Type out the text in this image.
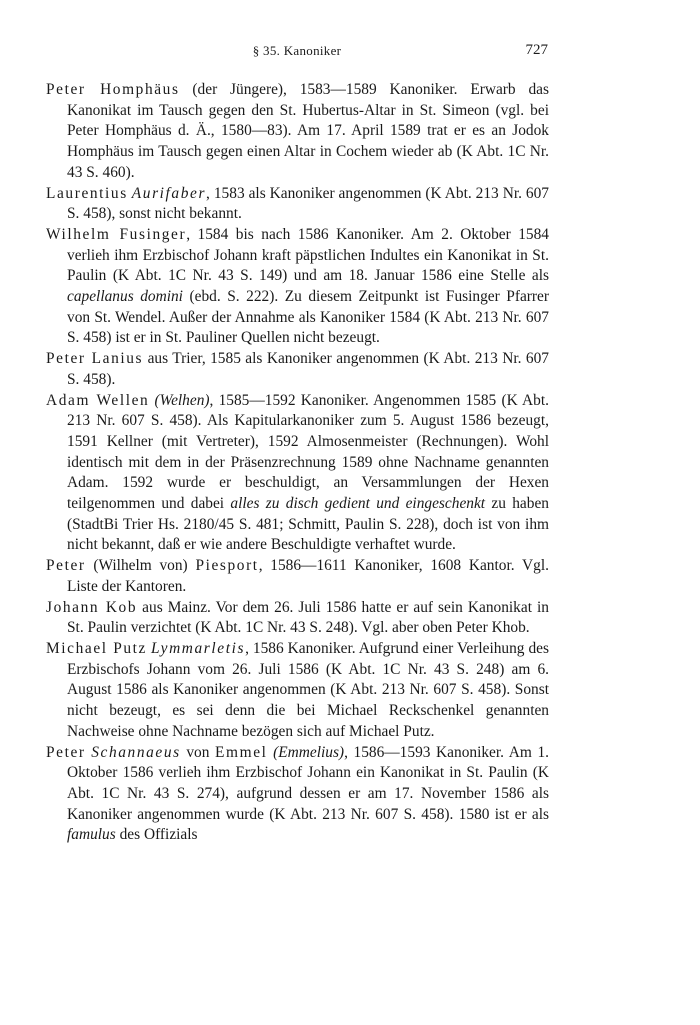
§ 35. Kanoniker	727

Peter Homphäus (der Jüngere), 1583—1589 Kanoniker. Erwarb das Kanonikat im Tausch gegen den St. Hubertus-Altar in St. Simeon (vgl. bei Peter Homphäus d. Ä., 1580—83). Am 17. April 1589 trat er es an Jodok Homphäus im Tausch gegen einen Altar in Cochem wieder ab (K Abt. 1C Nr. 43 S. 460).

Laurentius Aurifaber, 1583 als Kanoniker angenommen (K Abt. 213 Nr. 607 S. 458), sonst nicht bekannt.

Wilhelm Fusinger, 1584 bis nach 1586 Kanoniker. Am 2. Oktober 1584 verlieh ihm Erzbischof Johann kraft päpstlichen Indultes ein Kanonikat in St. Paulin (K Abt. 1C Nr. 43 S. 149) und am 18. Januar 1586 eine Stelle als capellanus domini (ebd. S. 222). Zu diesem Zeitpunkt ist Fusinger Pfarrer von St. Wendel. Außer der Annahme als Kanoniker 1584 (K Abt. 213 Nr. 607 S. 458) ist er in St. Pauliner Quellen nicht bezeugt.

Peter Lanius aus Trier, 1585 als Kanoniker angenommen (K Abt. 213 Nr. 607 S. 458).

Adam Wellen (Welhen), 1585—1592 Kanoniker. Angenommen 1585 (K Abt. 213 Nr. 607 S. 458). Als Kapitularkanoniker zum 5. August 1586 bezeugt, 1591 Kellner (mit Vertreter), 1592 Almosenmeister (Rechnungen). Wohl identisch mit dem in der Präsenzrechnung 1589 ohne Nachname genannten Adam. 1592 wurde er beschuldigt, an Versammlungen der Hexen teilgenommen und dabei alles zu disch gedient und eingeschenkt zu haben (StadtBi Trier Hs. 2180/45 S. 481; Schmitt, Paulin S. 228), doch ist von ihm nicht bekannt, daß er wie andere Beschuldigte verhaftet wurde.

Peter (Wilhelm von) Piesport, 1586—1611 Kanoniker, 1608 Kantor. Vgl. Liste der Kantoren.

Johann Kob aus Mainz. Vor dem 26. Juli 1586 hatte er auf sein Kanonikat in St. Paulin verzichtet (K Abt. 1C Nr. 43 S. 248). Vgl. aber oben Peter Khob.

Michael Putz Lymmarletis, 1586 Kanoniker. Aufgrund einer Verleihung des Erzbischofs Johann vom 26. Juli 1586 (K Abt. 1C Nr. 43 S. 248) am 6. August 1586 als Kanoniker angenommen (K Abt. 213 Nr. 607 S. 458). Sonst nicht bezeugt, es sei denn die bei Michael Reckschenkel genannten Nachweise ohne Nachname bezögen sich auf Michael Putz.

Peter Schannaeus von Emmel (Emmelius), 1586—1593 Kanoniker. Am 1. Oktober 1586 verlieh ihm Erzbischof Johann ein Kanonikat in St. Paulin (K Abt. 1C Nr. 43 S. 274), aufgrund dessen er am 17. November 1586 als Kanoniker angenommen wurde (K Abt. 213 Nr. 607 S. 458). 1580 ist er als famulus des Offizials
